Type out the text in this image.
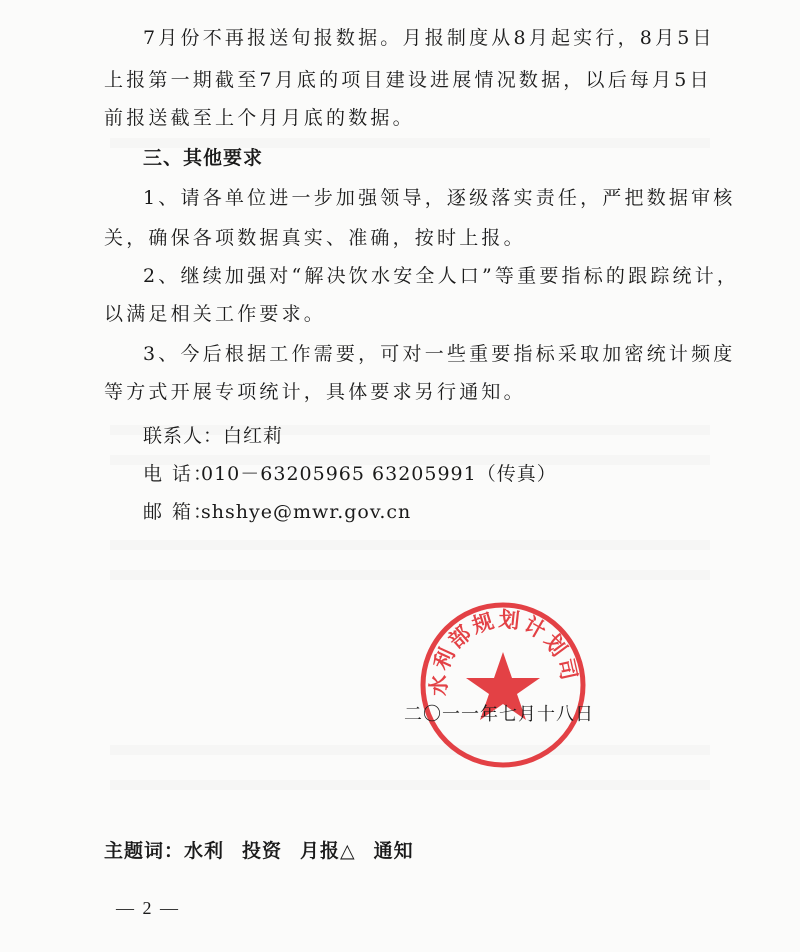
7月份不再报送旬报数据。月报制度从8月起实行，8月5日
上报第一期截至7月底的项目建设进展情况数据，以后每月5日
前报送截至上个月月底的数据。
三、其他要求
1、请各单位进一步加强领导，逐级落实责任，严把数据审核
关，确保各项数据真实、准确，按时上报。
2、继续加强对“解决饮水安全人口”等重要指标的跟踪统计，
以满足相关工作要求。
3、今后根据工作需要，可对一些重要指标采取加密统计频度
等方式开展专项统计，具体要求另行通知。
联系人：白红莉
电 话：010－63205965 63205991（传真）
邮 箱：shshye@mwr.gov.cn
水利部规划计划司
二〇一一年七月十八日
主题词：水利 投资 月报△ 通知
— 2 —
